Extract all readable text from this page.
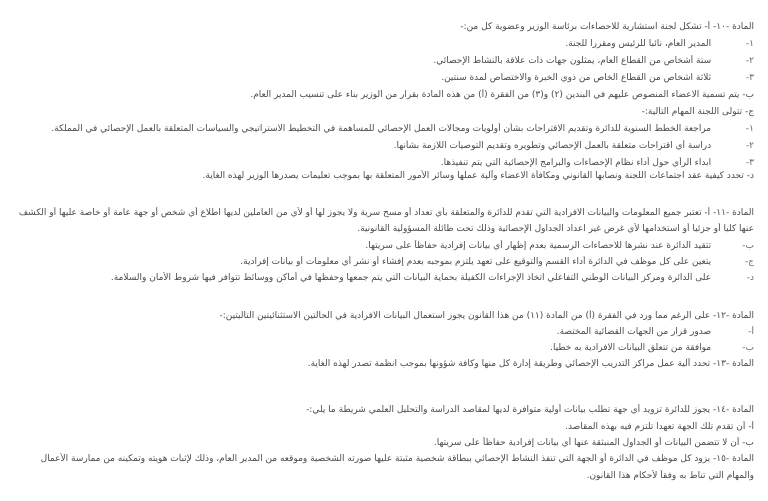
المادة -١٠- أ- تشكل لجنة استشارية للاحصاءات برئاسة الوزير وعضوية كل من:-
١- المدير العام، نائبا للرئيس ومقررا للجنة.
٢- ستة أشخاص من القطاع العام، يمثلون جهات ذات علاقة بالنشاط الإحصائي.
٣- ثلاثة اشخاص من القطاع الخاص من ذوي الخبرة والاختصاص لمدة سنتين.
ب- يتم تسمية الاعضاء المنصوص عليهم في البندين (٢) و(٣) من الفقرة (أ) من هذه المادة بقرار من الوزير بناء على تنسيب المدير العام.
ج- تتولى اللجنة المهام التالية:-
١- مراجعة الخطط السنوية للدائرة وتقديم الاقتراحات بشأن أولويات ومجالات العمل الإحصائي للمساهمة في التخطيط الاستراتيجي والسياسات المتعلقة بالعمل الإحصائي في المملكة.
٢- دراسة أي اقتراحات متعلقة بالعمل الإحصائي وتطويره وتقديم التوصيات اللازمة بشأنها.
٣- ابداء الرأي حول أداء نظام الإحصاءات والبرامج الإحصائية التي يتم تنفيذها.
د- تحدد كيفية عقد اجتماعات اللجنة ونصابها القانوني ومكافأة الاعضاء وآلية عملها وسائر الأمور المتعلقة بها بموجب تعليمات يصدرها الوزير لهذه الغاية.
المادة -١١- أ- تعتبر جميع المعلومات والبيانات الافرادية التي تقدم للدائرة والمتعلقة بأي تعداد أو مسح سرية ولا يجوز لها أو لأي من العاملين لديها اطلاع أي شخص أو جهة عامة أو خاصة عليها أو الكشف
عنها كليا أو جزئيا أو استخدامها لأي غرض غير اعداد الجداول الإحصائية وذلك تحت طائلة المسؤولية القانونية.
ب- تتقيد الدائرة عند نشرها للاحصاءات الرسمية بعدم إظهار أي بيانات إفرادية حفاظاً على سريتها.
ج- يتعين على كل موظف في الدائرة أداء القسم والتوقيع على تعهد يلتزم بموجبه بعدم إفشاء أو نشر أي معلومات أو بيانات إفرادية.
د- على الدائرة ومركز البيانات الوطني التفاعلي اتخاذ الإجراءات الكفيلة بحماية البيانات التي يتم جمعها وحفظها في أماكن ووسائط تتوافر فيها شروط الأمان والسلامة.
المادة -١٢- على الرغم مما ورد في الفقرة (أ) من المادة (١١) من هذا القانون يجوز استعمال البيانات الافرادية في الحالتين الاستثنائيتين التاليتين:-
أ- صدور قرار من الجهات القضائية المختصة.
ب- موافقة من تتعلق البيانات الافرادية به خطيا.
المادة -١٣- تحدد آلية عمل مراكز التدريب الإحصائي وطريقة إدارة كل منها وكافة شؤونها بموجب انظمة تصدر لهذه الغاية.
المادة -١٤- يجوز للدائرة تزويد أي جهة تطلب بيانات أولية متوافرة لديها لمقاصد الدراسة والتحليل العلمي شريطة ما يلي:-
أ- أن تقدم تلك الجهة تعهدا تلتزم فيه بهذه المقاصد.
ب- أن لا تتضمن البيانات أو الجداول المنبثقة عنها أي بيانات إفرادية حفاظاً على سريتها.
المادة -١٥- يزود كل موظف في الدائرة أو الجهة التي تنفذ النشاط الإحصائي ببطاقة شخصية مثبتة عليها صورته الشخصية وموقعه من المدير العام، وذلك لإثبات هويته وتمكينه من ممارسة الأعمال
والمهام التي تناط به وفقاً لأحكام هذا القانون.
